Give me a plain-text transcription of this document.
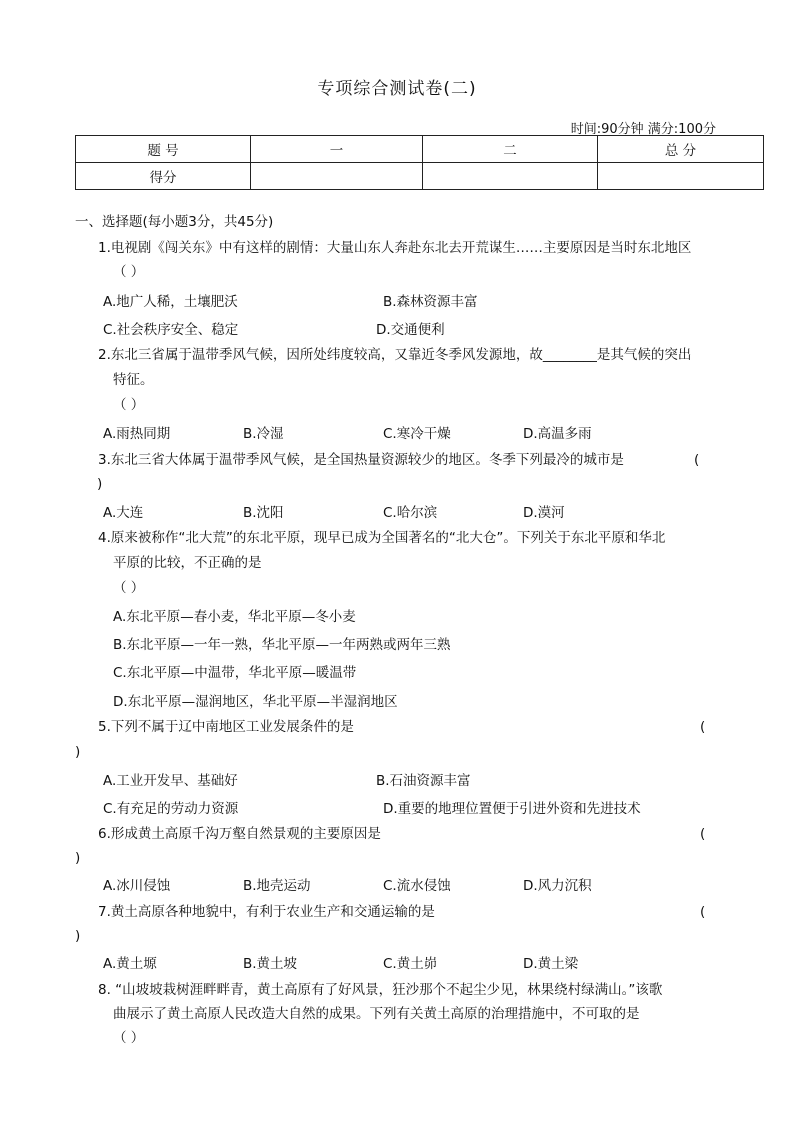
专项综合测试卷(二)
时间:90分钟 满分:100分
题 号	一	二	总 分
得分			
一、选择题(每小题3分，共45分)
1.电视剧《闯关东》中有这样的剧情：大量山东人奔赴东北去开荒谋生……主要原因是当时东北地区
（ ）
A.地广人稀，土壤肥沃	B.森林资源丰富
C.社会秩序安全、稳定	D.交通便利
2.东北三省属于温带季风气候，因所处纬度较高，又靠近冬季风发源地，故________是其气候的突出
特征。
（ ）
A.雨热同期	B.冷湿	C.寒冷干燥	D.高温多雨
3.东北三省大体属于温带季风气候，是全国热量资源较少的地区。冬季下列最冷的城市是	(
)
A.大连	B.沈阳	C.哈尔滨	D.漠河
4.原来被称作“北大荒”的东北平原，现早已成为全国著名的“北大仓”。下列关于东北平原和华北
平原的比较，不正确的是
（ ）
A.东北平原—春小麦，华北平原—冬小麦
B.东北平原—一年一熟，华北平原—一年两熟或两年三熟
C.东北平原—中温带，华北平原—暖温带
D.东北平原—湿润地区，华北平原—半湿润地区
5.下列不属于辽中南地区工业发展条件的是	(
)
A.工业开发早、基础好	B.石油资源丰富
C.有充足的劳动力资源	D.重要的地理位置便于引进外资和先进技术
6.形成黄土高原千沟万壑自然景观的主要原因是	(
)
A.冰川侵蚀	B.地壳运动	C.流水侵蚀	D.风力沉积
7.黄土高原各种地貌中，有利于农业生产和交通运输的是	(
)
A.黄土塬	B.黄土坡	C.黄土峁	D.黄土梁
8. “山坡坡栽树涯畔畔青，黄土高原有了好风景，狂沙那个不起尘少见，林果绕村绿满山。”该歌
曲展示了黄土高原人民改造大自然的成果。下列有关黄土高原的治理措施中，不可取的是
（ ）
